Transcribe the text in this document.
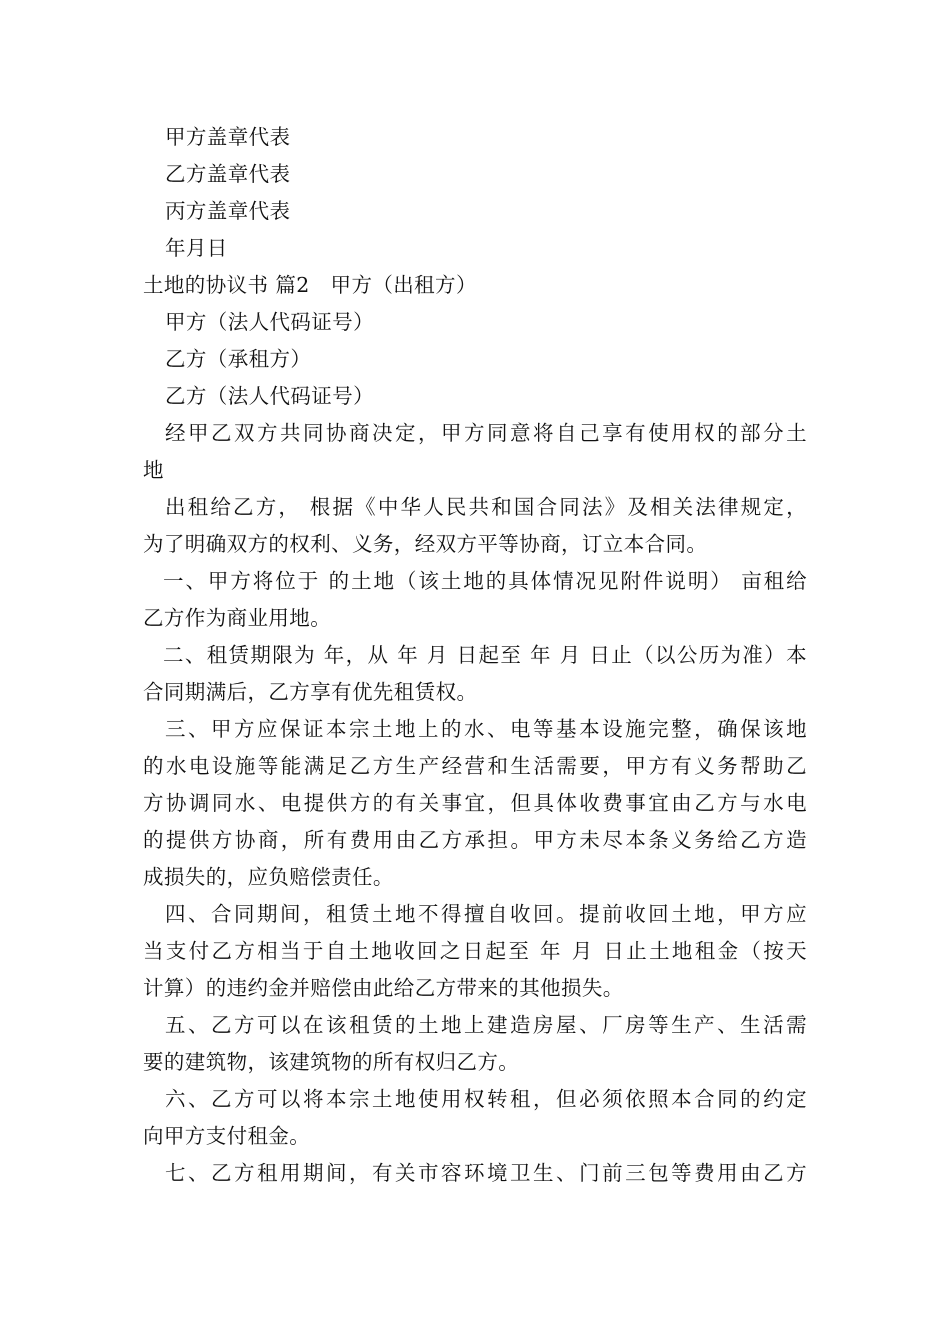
甲方盖章代表
乙方盖章代表
丙方盖章代表
年月日
土地的协议书 篇2　甲方（出租方）
甲方（法人代码证号）
乙方（承租方）
乙方（法人代码证号）
经甲乙双方共同协商决定，甲方同意将自己享有使用权的部分土
地
出租给乙方， 根据《中华人民共和国合同法》及相关法律规定，
为了明确双方的权利、义务，经双方平等协商，订立本合同。
一、甲方将位于 的土地（该土地的具体情况见附件说明） 亩租给
乙方作为商业用地。
二、租赁期限为 年，从 年 月 日起至 年 月 日止（以公历为准）本
合同期满后，乙方享有优先租赁权。
三、甲方应保证本宗土地上的水、电等基本设施完整，确保该地
的水电设施等能满足乙方生产经营和生活需要，甲方有义务帮助乙
方协调同水、电提供方的有关事宜，但具体收费事宜由乙方与水电
的提供方协商，所有费用由乙方承担。甲方未尽本条义务给乙方造
成损失的，应负赔偿责任。
四、合同期间，租赁土地不得擅自收回。提前收回土地，甲方应
当支付乙方相当于自土地收回之日起至 年 月 日止土地租金（按天
计算）的违约金并赔偿由此给乙方带来的其他损失。
五、乙方可以在该租赁的土地上建造房屋、厂房等生产、生活需
要的建筑物，该建筑物的所有权归乙方。
六、乙方可以将本宗土地使用权转租，但必须依照本合同的约定
向甲方支付租金。
七、乙方租用期间，有关市容环境卫生、门前三包等费用由乙方
